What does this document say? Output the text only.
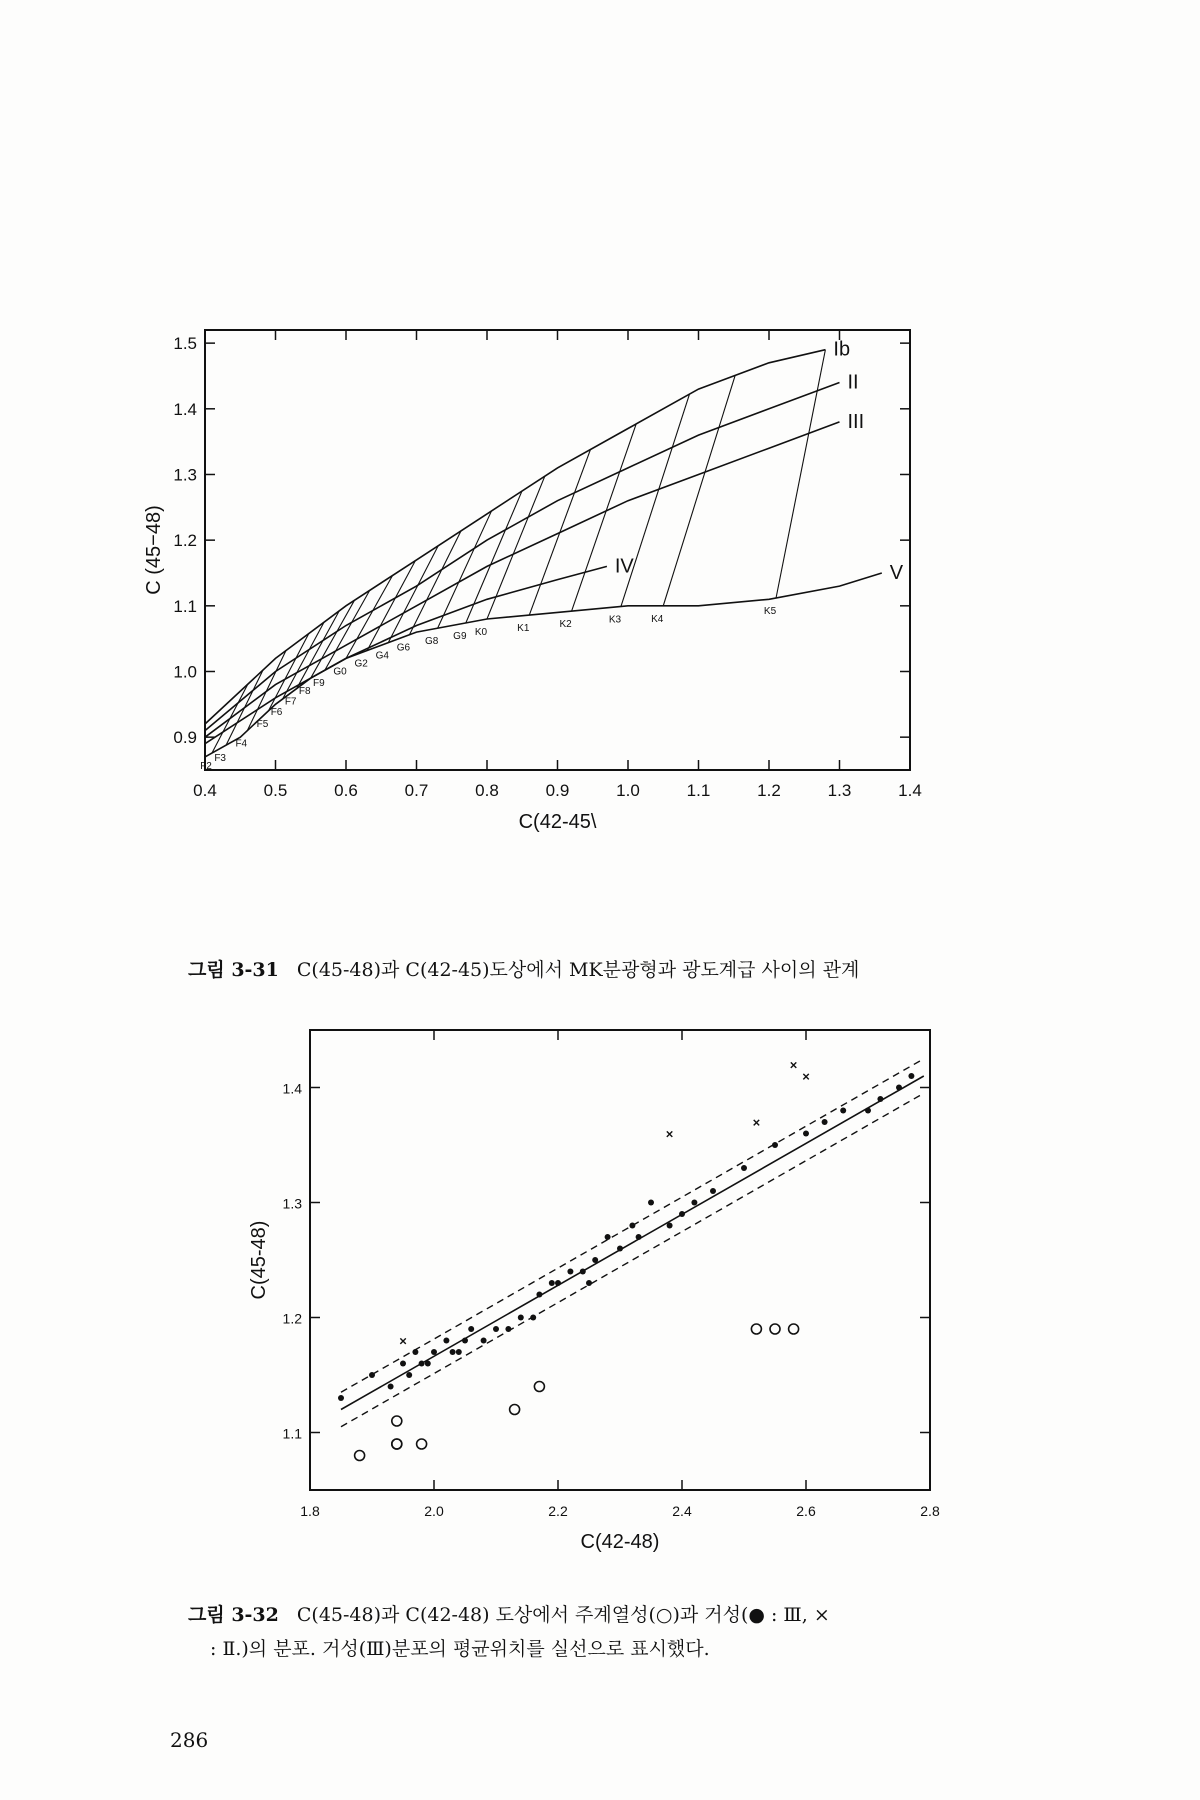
0.4	0.5	0.6	0.7	0.8	0.9	1.0	1.1	1.2	1.3	1.4
0.9
1.0
1.1
1.2
1.3
1.4
1.5
C(42-45\
C (45−48)
Ib
II
III
IV	V
F2
F3
F4
F5
F6
F7
F8
F9
G0
G2
G4
G6
G8 G9 K0	K1	K2	K3	K4
K5
그림 3-31 C(45-48)과 C(42-45)도상에서 MK분광형과 광도계급 사이의 관계
1.8	2.0	2.2	2.4	2.6	2.8
1.1
1.2
1.3
1.4
C(42-48)
C(45-48)
×
×
×
×
×
그림 3-32 C(45-48)과 C(42-48) 도상에서 주계열성(○)과 거성(● : Ⅲ, ×
: Ⅱ.)의 분포. 거성(Ⅲ)분포의 평균위치를 실선으로 표시했다.
286
